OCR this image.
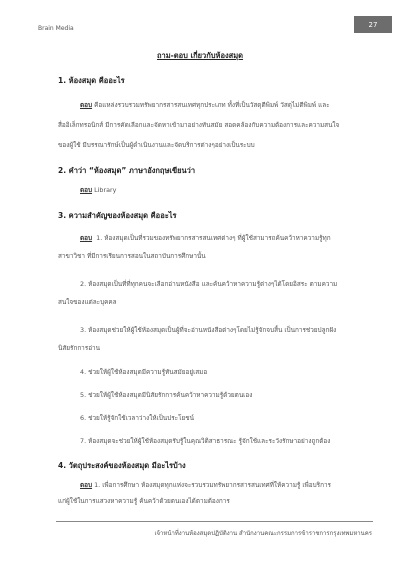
Brain Media	27
ถาม-ตอบ เกี่ยวกับห้องสมุด
1. ห้องสมุด คืออะไร
ตอบ คือแหล่งรวบรวมทรัพยากรสารสนเทศทุกประเภท ทั้งที่เป็นวัสดุตีพิมพ์ วัสดุไม่ตีพิมพ์ และ
สื่ออิเล็กทรอนิกส์ มีการคัดเลือกและจัดหาเข้ามาอย่างทันสมัย สอดคล้องกับความต้องการและความสนใจ
ของผู้ใช้ มีบรรณารักษ์เป็นผู้ดำเนินงานและจัดบริการต่างๆอย่างเป็นระบบ
2. คำว่า “ห้องสมุด” ภาษาอังกฤษเขียนว่า
ตอบ Library
3. ความสำคัญของห้องสมุด คืออะไร
ตอบ 1. ห้องสมุดเป็นที่รวมของทรัพยากรสารสนเทศต่างๆ ที่ผู้ใช้สามารถค้นคว้าหาความรู้ทุก
สาขาวิชา ที่มีการเรียนการสอนในสถาบันการศึกษานั้น
2. ห้องสมุดเป็นที่ที่ทุกคนจะเลือกอ่านหนังสือ และค้นคว้าหาความรู้ต่างๆได้โดยอิสระ ตามความ
สนใจของแต่ละบุคคล
3. ห้องสมุดช่วยให้ผู้ใช้ห้องสมุดเป็นผู้ที่จะอ่านหนังสือต่างๆโดยไม่รู้จักจบสิ้น เป็นการช่วยปลูกฝัง
นิสัยรักการอ่าน
4. ช่วยให้ผู้ใช้ห้องสมุดมีความรู้ทันสมัยอยู่เสมอ
5. ช่วยให้ผู้ใช้ห้องสมุดมีนิสัยรักการค้นคว้าหาความรู้ด้วยตนเอง
6. ช่วยให้รู้จักใช้เวลาว่างให้เป็นประโยชน์
7. ห้องสมุดจะช่วยให้ผู้ใช้ห้องสมุดรับรู้ในคุณวิติสาธารณะ รู้จักใช้และระวังรักษาอย่างถูกต้อง
4. วัตถุประสงค์ของห้องสมุด มีอะไรบ้าง
ตอบ 1. เพื่อการศึกษา ห้องสมุดทุกแห่งจะรวบรวมทรัพยากรสารสนเทศที่ให้ความรู้ เพื่อบริการ
แก่ผู้ใช้ในการแสวงหาความรู้ ค้นคว้าด้วยตนเองได้ตามต้องการ
เจ้าหน้าที่งานห้องสมุดปฏิบัติงาน สำนักงานคณะกรรมการข้าราชการกรุงเทพมหานคร
